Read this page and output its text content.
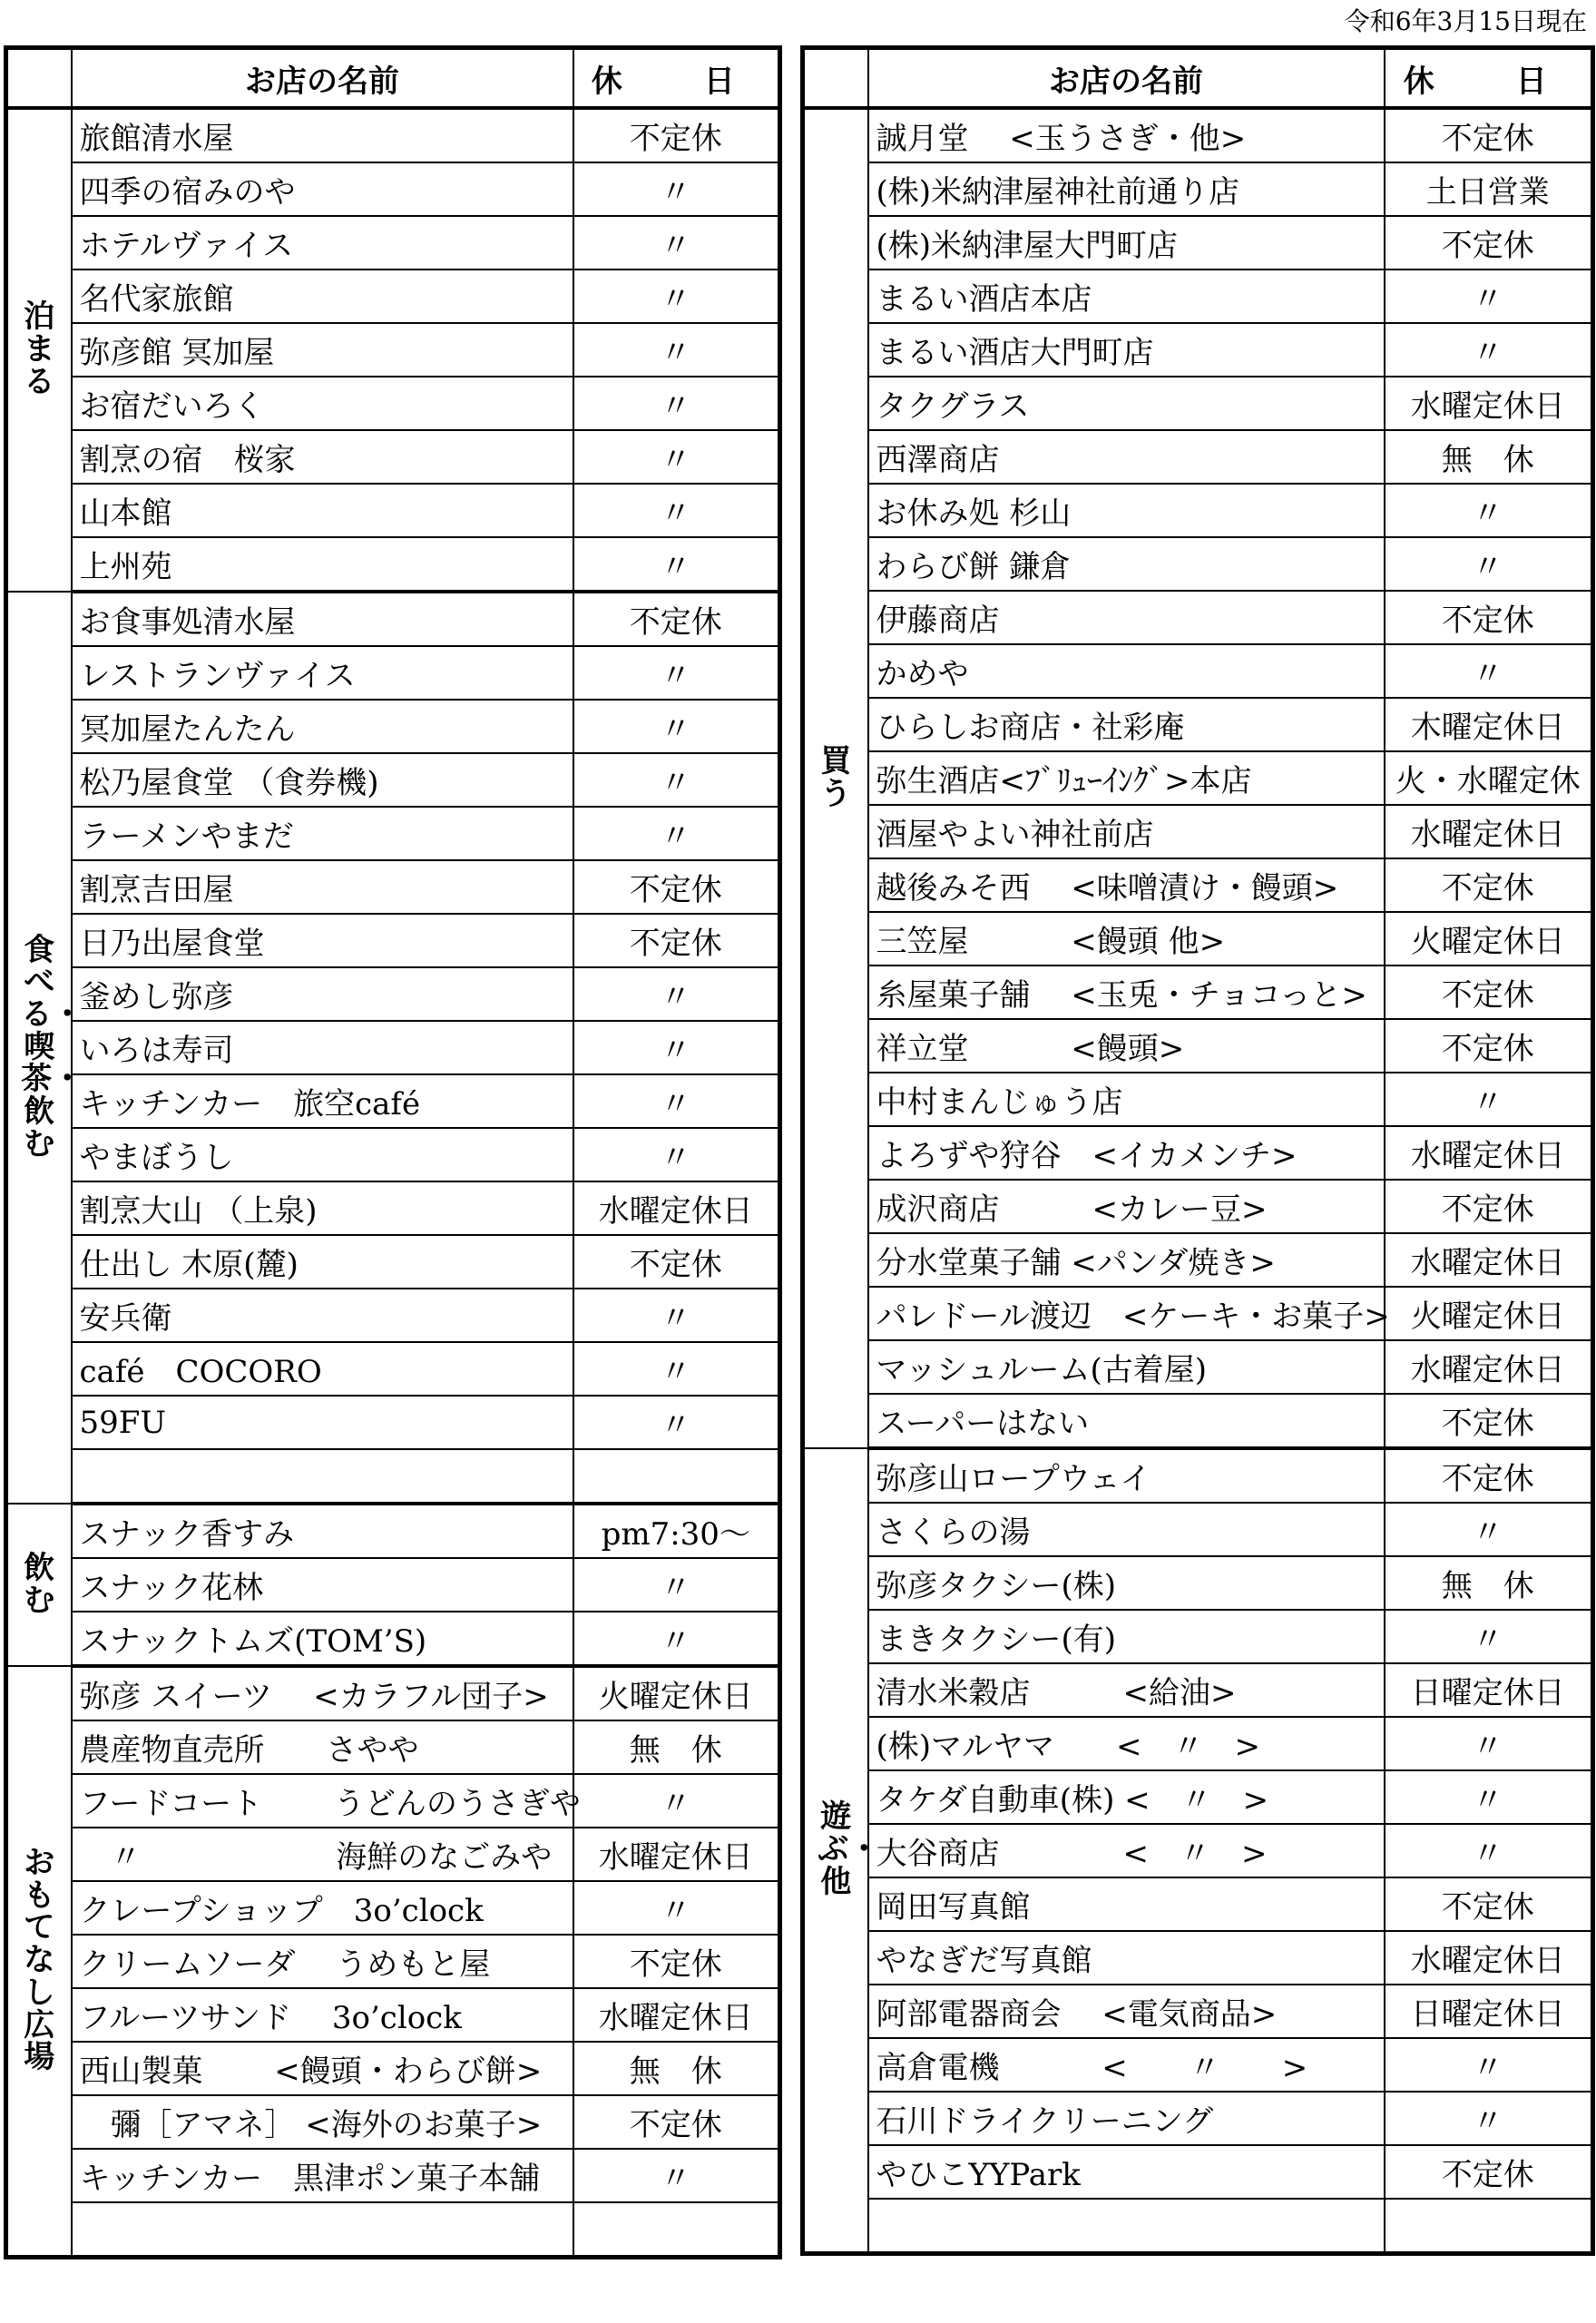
令和6年3月15日現在
	お店の名前	休　日
泊まる	旅館清水屋	不定休
	四季の宿みのや	〃
	ホテルヴァイス	〃
	名代家旅館	〃
	弥彦館 冥加屋	〃
	お宿だいろく	〃
	割烹の宿　桜家	〃
	山本館	〃
	上州苑	〃
食べる・喫茶・飲む	お食事処清水屋	不定休
	レストランヴァイス	〃
	冥加屋たんたん	〃
	松乃屋食堂 （食券機)	〃
	ラーメンやまだ	〃
	割烹吉田屋	不定休
	日乃出屋食堂	不定休
	釜めし弥彦	〃
	いろは寿司	〃
	キッチンカー　旅空café	〃
	やまぼうし	〃
	割烹大山 （上泉)	水曜定休日
	仕出し 木原(麓)	不定休
	安兵衛	〃
	café　COCORO	〃
	59FU	〃

飲む	スナック香すみ	pm7:30～
	スナック花林	〃
	スナックトムズ(TOM’S)	〃
おもてなし広場	弥彦 スイーツ　 <カラフル団子>	火曜定休日
	農産物直売所　　さやや	無　休
	フードコート　　 うどんのうさぎや	〃
	　〃　　　　　　 海鮮のなごみや	水曜定休日
	クレープショップ　3o’clock	〃
	クリームソーダ　 うめもと屋	不定休
	フルーツサンド　 3o’clock	水曜定休日
	西山製菓　　 <饅頭・わらび餅>	無　休
	　彌［アマネ］ <海外のお菓子>	不定休
	キッチンカー　黒津ポン菓子本舗	〃

	お店の名前	休　日
買う	誠月堂　 <玉うさぎ・他>	不定休
	(株)米納津屋神社前通り店	土日営業
	(株)米納津屋大門町店	不定休
	まるい酒店本店	〃
	まるい酒店大門町店	〃
	タクグラス	水曜定休日
	西澤商店	無　休
	お休み処 杉山	〃
	わらび餅 鎌倉	〃
	伊藤商店	不定休
	かめや	〃
	ひらしお商店・社彩庵	木曜定休日
	弥生酒店<ﾌﾞﾘｭｰｲﾝｸﾞ>本店	火・水曜定休
	酒屋やよい神社前店	水曜定休日
	越後みそ西　 <味噌漬け・饅頭>	不定休
	三笠屋　　　 <饅頭 他>	火曜定休日
	糸屋菓子舗　 <玉兎・チョコっと>	不定休
	祥立堂　　　 <饅頭>	不定休
	中村まんじゅう店	〃
	よろずや狩谷　<イカメンチ>	水曜定休日
	成沢商店　　　<カレー豆>	不定休
	分水堂菓子舗 <パンダ焼き>	水曜定休日
	パレドール渡辺　<ケーキ・お菓子>	火曜定休日
	マッシュルーム(古着屋)	水曜定休日
	スーパーはない	不定休
遊ぶ・他	弥彦山ロープウェイ	不定休
	さくらの湯	〃
	弥彦タクシー(株)	無　休
	まきタクシー(有)	〃
	清水米穀店　　　<給油>	日曜定休日
	(株)マルヤマ　　<　〃　>	〃
	タケダ自動車(株) <　〃　>	〃
	大谷商店　　　　<　〃　>	〃
	岡田写真館	不定休
	やなぎだ写真館	水曜定休日
	阿部電器商会　 <電気商品>	日曜定休日
	高倉電機　　　 <　　〃　　>	〃
	石川ドライクリーニング	〃
	やひこYYPark	不定休
